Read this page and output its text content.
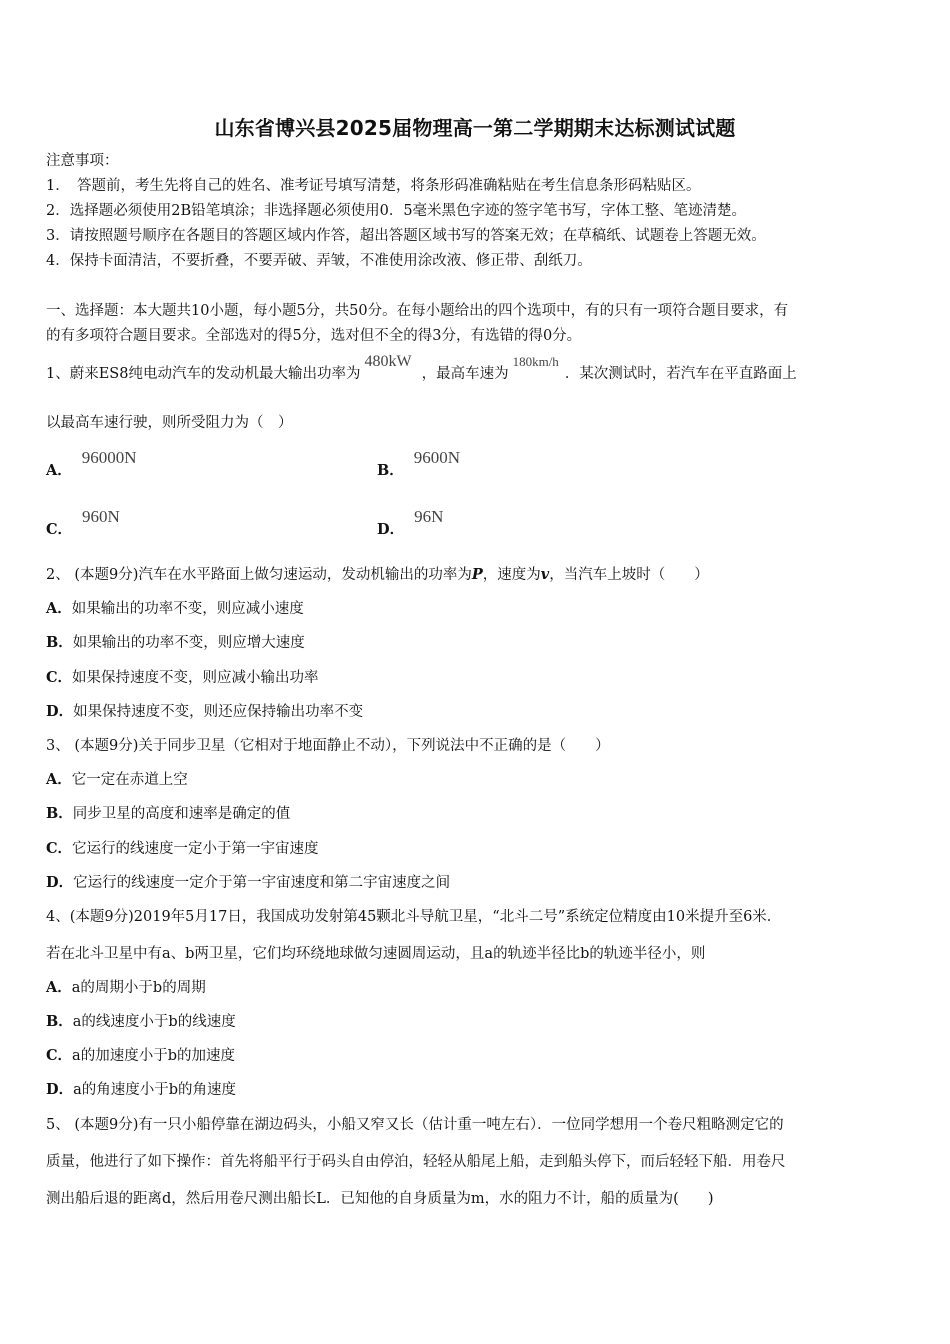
山东省博兴县2025届物理高一第二学期期末达标测试试题
注意事项：
1．　答题前，考生先将自己的姓名、准考证号填写清楚，将条形码准确粘贴在考生信息条形码粘贴区。
2．选择题必须使用2B铅笔填涂；非选择题必须使用0．5毫米黑色字迹的签字笔书写，字体工整、笔迹清楚。
3．请按照题号顺序在各题目的答题区域内作答，超出答题区域书写的答案无效；在草稿纸、试题卷上答题无效。
4．保持卡面清洁，不要折叠，不要弄破、弄皱，不准使用涂改液、修正带、刮纸刀。
一、选择题：本大题共10小题，每小题5分，共50分。在每小题给出的四个选项中，有的只有一项符合题目要求，有
的有多项符合题目要求。全部选对的得5分，选对但不全的得3分，有选错的得0分。
1、蔚来ES8纯电动汽车的发动机最大输出功率为480kW，最高车速为180km/h．某次测试时，若汽车在平直路面上
以最高车速行驶，则所受阻力为（　）
A．96000N
B．9600N
C．960N
D．96N
2、 (本题9分)汽车在水平路面上做匀速运动，发动机输出的功率为P，速度为v，当汽车上坡时（　　）
A．如果输出的功率不变，则应减小速度
B．如果输出的功率不变，则应增大速度
C．如果保持速度不变，则应减小输出功率
D．如果保持速度不变，则还应保持输出功率不变
3、 (本题9分)关于同步卫星（它相对于地面静止不动），下列说法中不正确的是（　　）
A．它一定在赤道上空
B．同步卫星的高度和速率是确定的值
C．它运行的线速度一定小于第一宇宙速度
D．它运行的线速度一定介于第一宇宙速度和第二宇宙速度之间
4、(本题9分)2019年5月17日，我国成功发射第45颗北斗导航卫星，“北斗二号”系统定位精度由10米提升至6米．
若在北斗卫星中有a、b两卫星，它们均环绕地球做匀速圆周运动，且a的轨迹半径比b的轨迹半径小，则
A．a的周期小于b的周期
B．a的线速度小于b的线速度
C．a的加速度小于b的加速度
D．a的角速度小于b的角速度
5、 (本题9分)有一只小船停靠在湖边码头，小船又窄又长（估计重一吨左右）．一位同学想用一个卷尺粗略测定它的
质量，他进行了如下操作：首先将船平行于码头自由停泊，轻轻从船尾上船，走到船头停下，而后轻轻下船．用卷尺
测出船后退的距离d，然后用卷尺测出船长L．已知他的自身质量为m，水的阻力不计，船的质量为(　　)
